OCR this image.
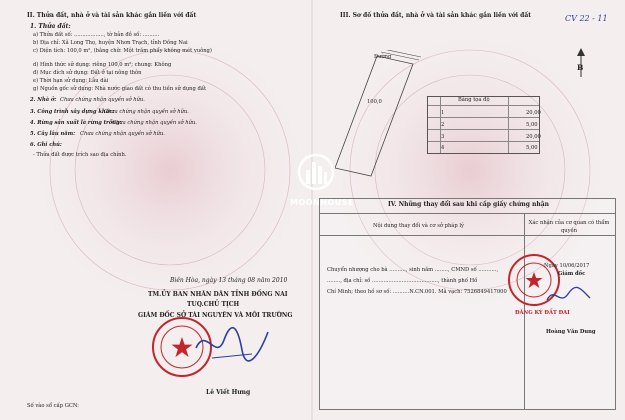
CV 22 - 11
II. Thửa đất, nhà ở và tài sản khác gắn liền với đất
1. Thửa đất:
a) Thửa đất số: .................., tờ bản đồ số: ..........
b) Địa chỉ: Xã Long Thọ, huyện Nhơn Trạch, tỉnh Đồng Nai
c) Diện tích: 100,0 m², (bằng chữ: Một trăm phẩy không mét vuông)
d) Hình thức sử dụng: riêng 100,0 m²; chung: Không
đ) Mục đích sử dụng: Đất ở tại nông thôn
e) Thời hạn sử dụng: Lâu dài
g) Nguồn gốc sử dụng: Nhà nước giao đất có thu tiền sử dụng đất
2. Nhà ở: Chưa chứng nhận quyền sở hữu.
3. Công trình xây dựng khác:
Chưa chứng nhận quyền sở hữu.
4. Rừng sản xuất là rừng trồng:
Chưa chứng nhận quyền sở hữu.
5. Cây lâu năm: Chưa chứng nhận quyền sở hữu.
6. Ghi chú:
- Thửa đất được trích sao địa chính.
Biên Hòa, ngày 13 tháng 08 năm 2010
TM.ỦY BAN NHÂN DÂN TỈNH ĐỒNG NAI
TUQ.CHỦ TỊCH
GIÁM ĐỐC SỞ TÀI NGUYÊN VÀ MÔI TRƯỜNG
Lê Viết Hưng
Số vào sổ cấp GCN:
III. Sơ đồ thửa đất, nhà ở và tài sản khác gắn liền với đất
B
Đường
100,0	Bảng tọa độ
1	20,00
2	5,00
3	20,00
4	5,00
MOONHOUSE	IV. Những thay đổi sau khi cấp giấy chứng nhận
Nội dung thay đổi và cơ sở pháp lý	Xác nhận của cơ quan có thẩm quyền
Chuyển nhượng cho bà .........., sinh năm ........, CMND số ...........,
........, địa chỉ: số ........................................, thành phố Hồ
Chí Minh; theo hồ sơ số: ..........N.CN.001. Mã vạch: 7526849417000
ĐĂNG KÝ ĐẤT ĐAI
Ngày 10/06/2017
Giám đốc
Hoàng Văn Dung
